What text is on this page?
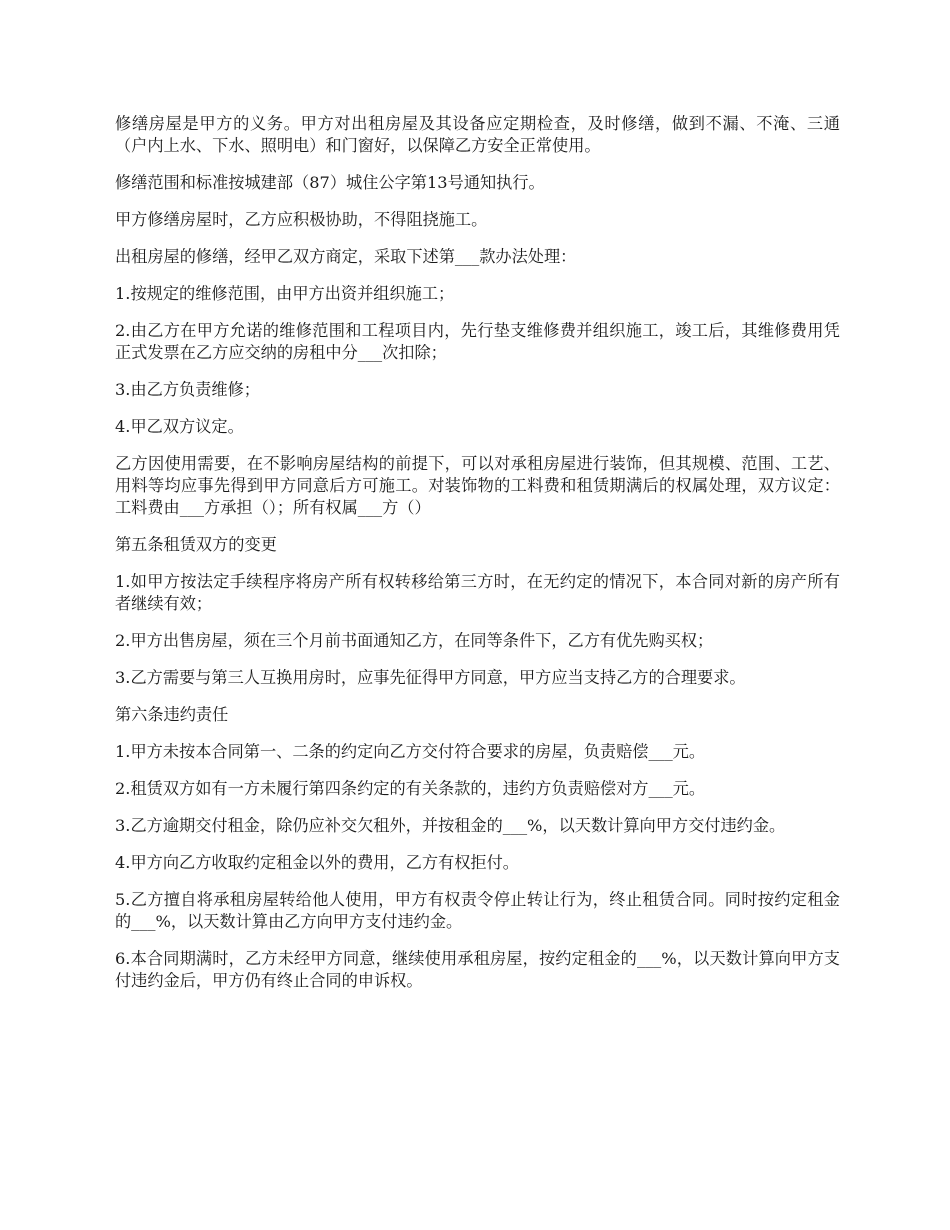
修缮房屋是甲方的义务。甲方对出租房屋及其设备应定期检查，及时修缮，做到不漏、不淹、三通（户内上水、下水、照明电）和门窗好，以保障乙方安全正常使用。

修缮范围和标准按城建部（87）城住公字第13号通知执行。

甲方修缮房屋时，乙方应积极协助，不得阻挠施工。

出租房屋的修缮，经甲乙双方商定，采取下述第___款办法处理：

1.按规定的维修范围，由甲方出资并组织施工；

2.由乙方在甲方允诺的维修范围和工程项目内，先行垫支维修费并组织施工，竣工后，其维修费用凭正式发票在乙方应交纳的房租中分___次扣除；

3.由乙方负责维修；

4.甲乙双方议定。

乙方因使用需要，在不影响房屋结构的前提下，可以对承租房屋进行装饰，但其规模、范围、工艺、用料等均应事先得到甲方同意后方可施工。对装饰物的工料费和租赁期满后的权属处理，双方议定：工料费由___方承担（）；所有权属___方（）

第五条租赁双方的变更

1.如甲方按法定手续程序将房产所有权转移给第三方时，在无约定的情况下，本合同对新的房产所有者继续有效；

2.甲方出售房屋，须在三个月前书面通知乙方，在同等条件下，乙方有优先购买权；

3.乙方需要与第三人互换用房时，应事先征得甲方同意，甲方应当支持乙方的合理要求。

第六条违约责任

1.甲方未按本合同第一、二条的约定向乙方交付符合要求的房屋，负责赔偿___元。

2.租赁双方如有一方未履行第四条约定的有关条款的，违约方负责赔偿对方___元。

3.乙方逾期交付租金，除仍应补交欠租外，并按租金的___%，以天数计算向甲方交付违约金。

4.甲方向乙方收取约定租金以外的费用，乙方有权拒付。

5.乙方擅自将承租房屋转给他人使用，甲方有权责令停止转让行为，终止租赁合同。同时按约定租金的___%，以天数计算由乙方向甲方支付违约金。

6.本合同期满时，乙方未经甲方同意，继续使用承租房屋，按约定租金的___%，以天数计算向甲方支付违约金后，甲方仍有终止合同的申诉权。
